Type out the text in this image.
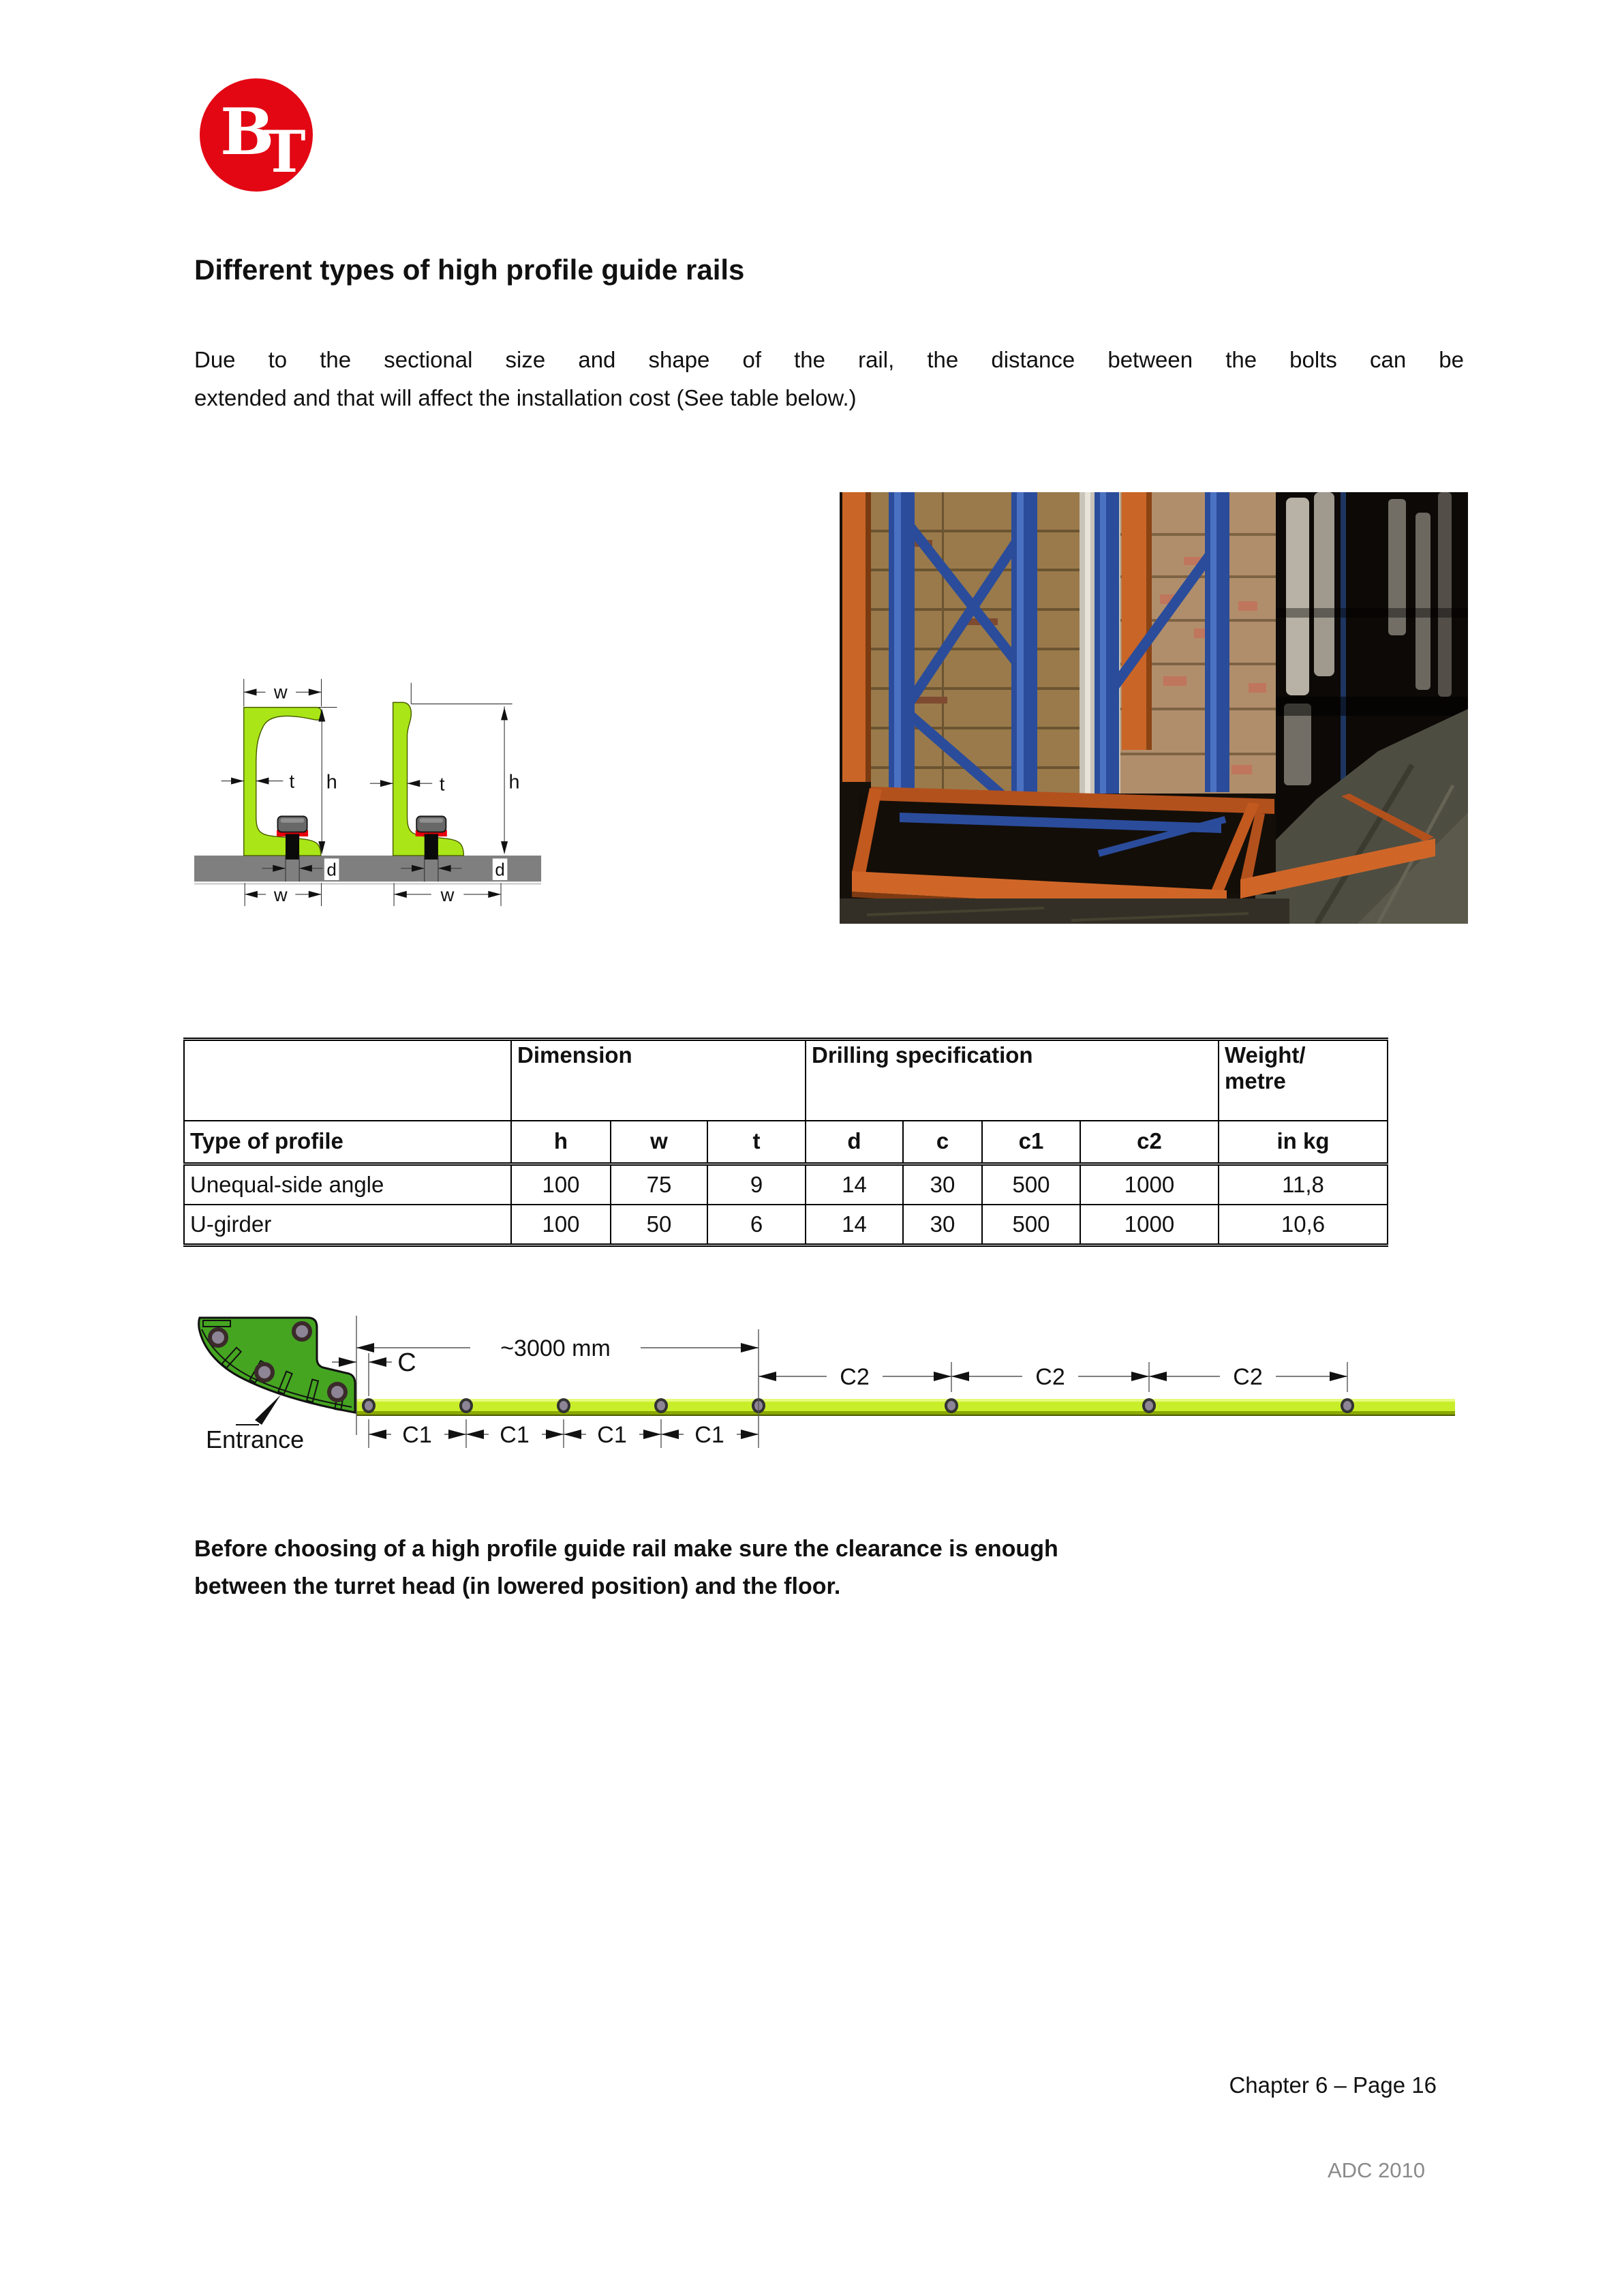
B
T
Different types of high profile guide rails
Due to the sectional size and shape of the rail, the distance between the bolts can be
extended and that will affect the installation cost (See table below.)
w
t h
d
w
t h
d
w
	Dimension			Drilling specification				Weight/
metre

Type of profile	h	w	t	d	c	c1	c2	in kg
Unequal-side angle	100	75	9	14	30	500	1000	11,8
U-girder	100	50	6	14	30	500	1000	10,6
~3000 mm
C
C1	C1	C1	C1
C2	C2	C2
Entrance
Before choosing of a high profile guide rail make sure the clearance is enough
between the turret head (in lowered position) and the floor.
Chapter 6 – Page 16
ADC 2010
